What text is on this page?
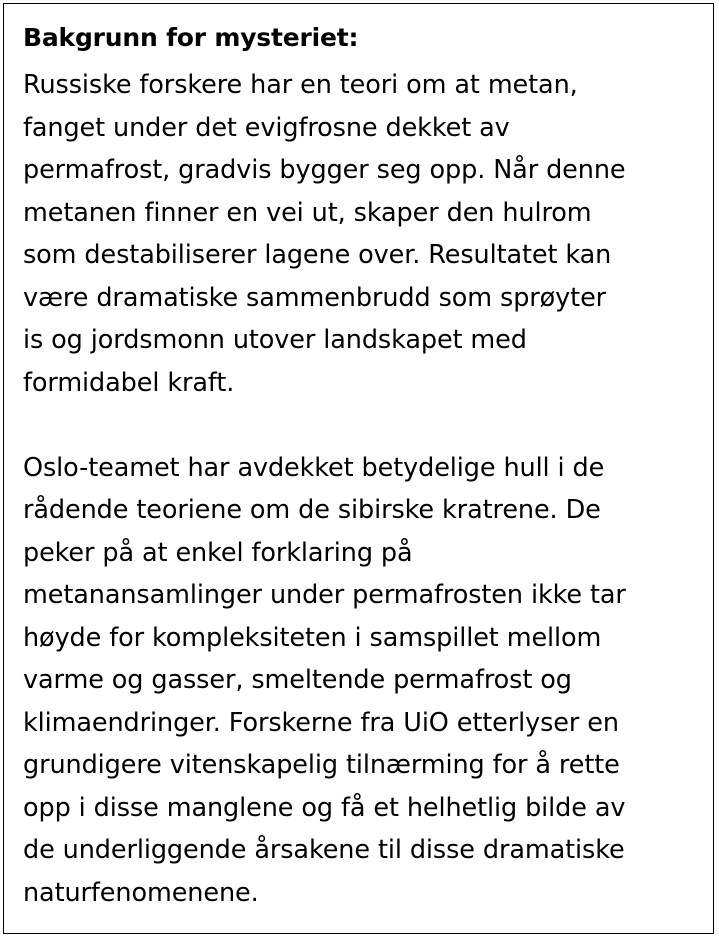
Bakgrunn for mysteriet:
Russiske forskere har en teori om at metan,
fanget under det evigfrosne dekket av
permafrost, gradvis bygger seg opp. Når denne
metanen finner en vei ut, skaper den hulrom
som destabiliserer lagene over. Resultatet kan
være dramatiske sammenbrudd som sprøyter
is og jordsmonn utover landskapet med
formidabel kraft.
Oslo-teamet har avdekket betydelige hull i de
rådende teoriene om de sibirske kratrene. De
peker på at enkel forklaring på
metanansamlinger under permafrosten ikke tar
høyde for kompleksiteten i samspillet mellom
varme og gasser, smeltende permafrost og
klimaendringer. Forskerne fra UiO etterlyser en
grundigere vitenskapelig tilnærming for å rette
opp i disse manglene og få et helhetlig bilde av
de underliggende årsakene til disse dramatiske
naturfenomenene.
